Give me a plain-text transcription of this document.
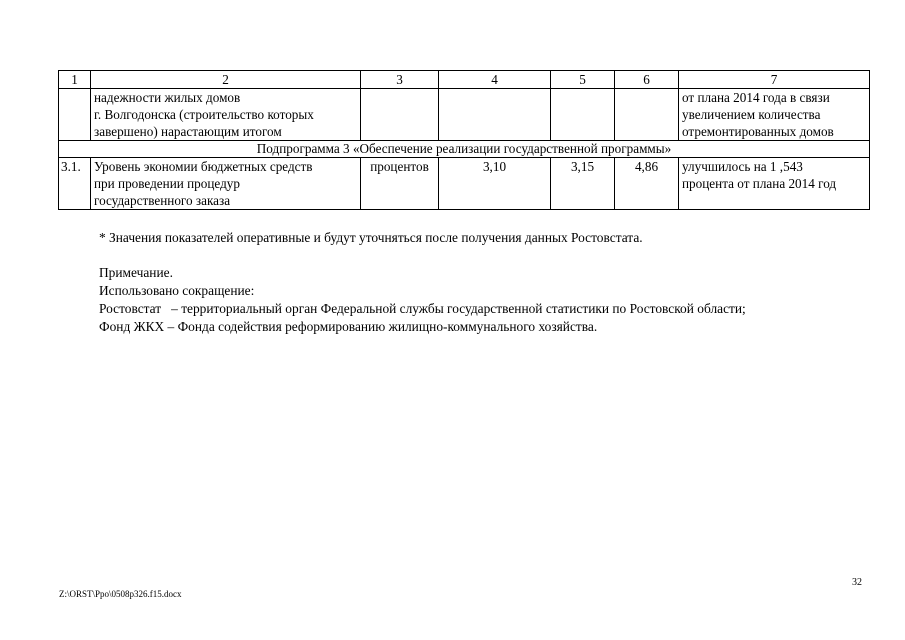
1	2	3	4	5	6	7

	надежности жилых домов
г. Волгодонска (строительство которых
завершено) нарастающим итогом					от плана 2014 года в связи
увеличением количества
отремонтированных домов

Подпрограмма 3 «Обеспечение реализации государственной программы»						
3.1.	Уровень экономии бюджетных средств
при проведении процедур
государственного заказа	процентов	3,10	3,15	4,86	улучшилось на 1 ,543
процента от плана 2014 год

* Значения показателей оперативные и будут уточняться после получения данных Ростовстата.

Примечание.

Использовано сокращение:

Ростовстат   – территориальный орган Федеральной службы государственной статистики по Ростовской области;

Фонд ЖКХ – Фонда содействия реформированию жилищно-коммунального хозяйства.

32
Z:\ORST\Ppo\0508p326.f15.docx
